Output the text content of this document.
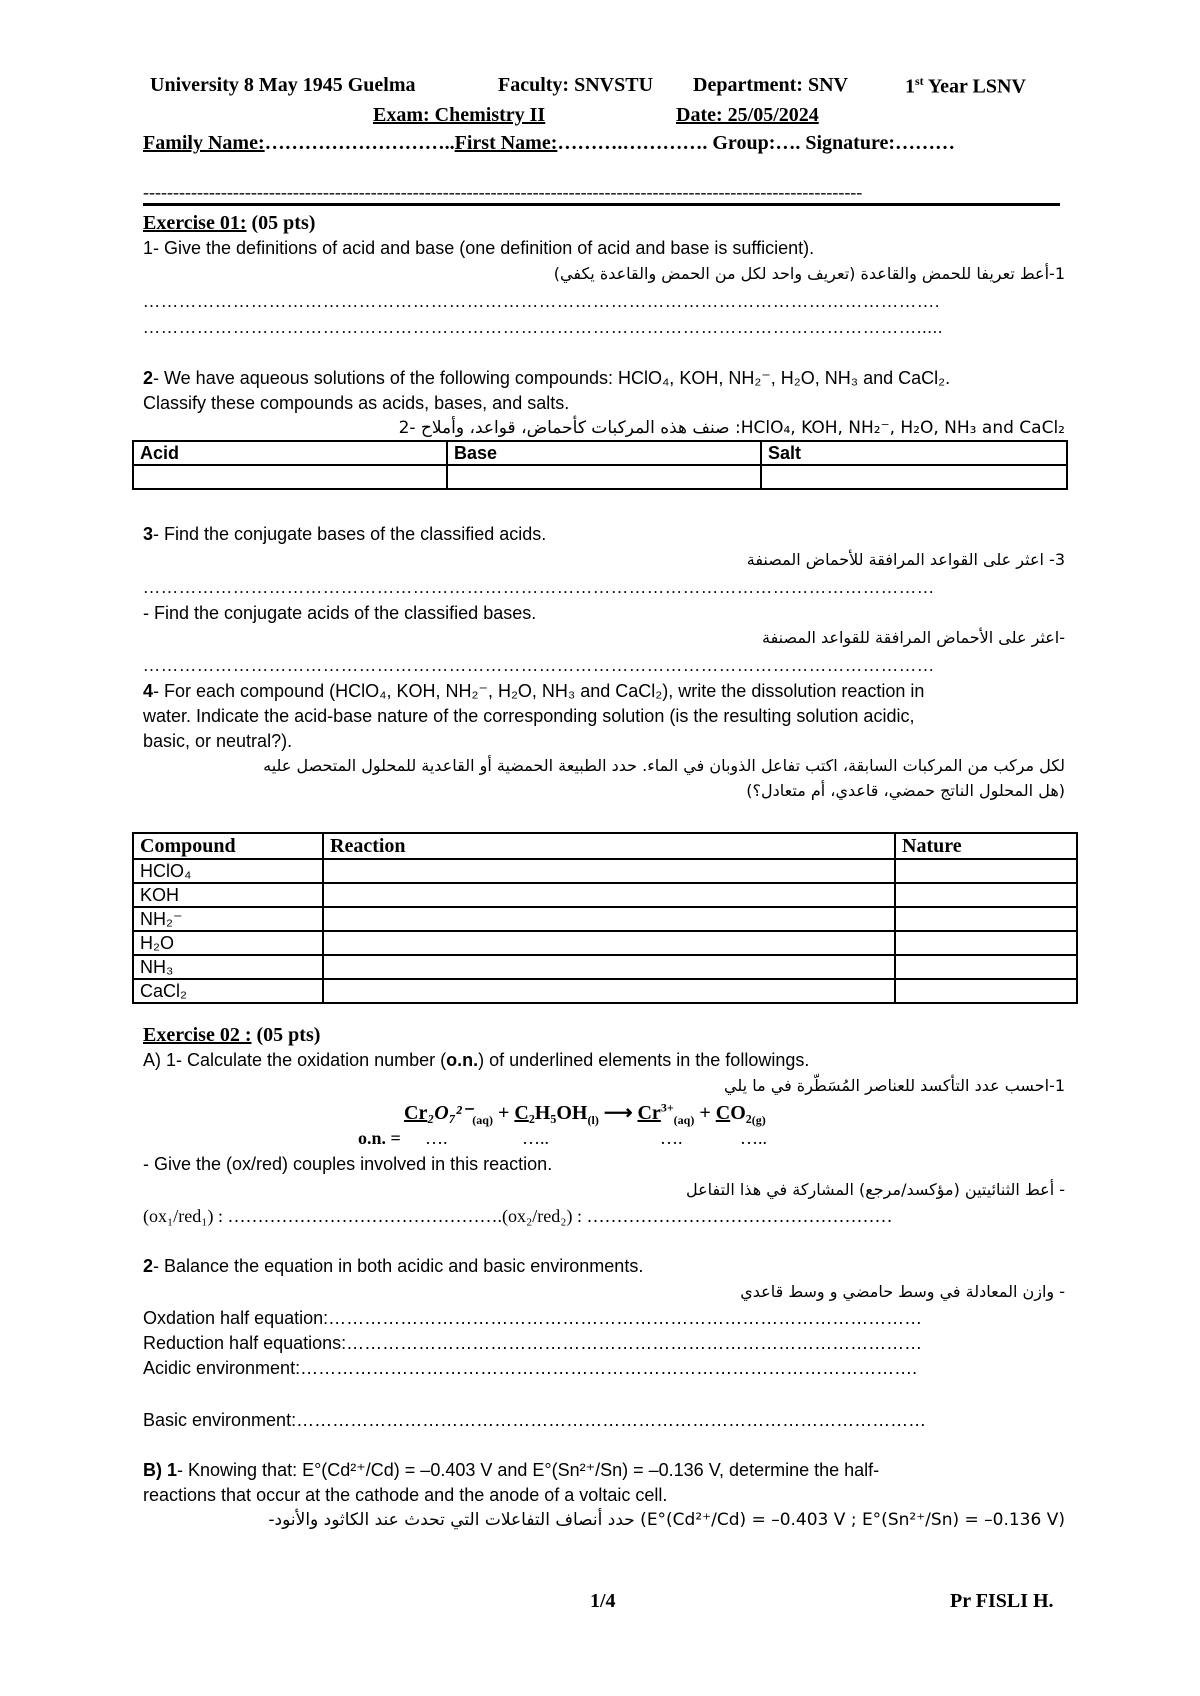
University 8 May 1945 Guelma	Faculty: SNVSTU Department: SNV	1st Year LSNV
Exam: Chemistry II	Date: 25/05/2024
Family Name:………………………..First Name:……….…………. Group:…. Signature:………
------------------------------------------------------------------------------------------------------------------------
Exercise 01: (05 pts)
1- Give the definitions of acid and base (one definition of acid and base is sufficient).
1-أعط تعريفا للحمض والقاعدة (تعريف واحد لكل من الحمض والقاعدة يكفي)
…………………………………………………………………………………………………………………….
………………………………………………………………………………………………………………….....
2- We have aqueous solutions of the following compounds: HClO₄, KOH, NH₂⁻, H₂O, NH₃ and CaCl₂.
Classify these compounds as acids, bases, and salts.
HClO₄, KOH, NH₂⁻, H₂O, NH₃ and CaCl₂: صنف هذه المركبات كأحماض، قواعد، وأملاح -2
Acid	Base	Salt

3- Find the conjugate bases of the classified acids.
3- اعثر على القواعد المرافقة للأحماض المصنفة
……………………………………………………………………………………………………………………
- Find the conjugate acids of the classified bases.
-اعثر على الأحماض المرافقة للقواعد المصنفة
……………………………………………………………………………………………………………………
4- For each compound (HClO₄, KOH, NH₂⁻, H₂O, NH₃ and CaCl₂), write the dissolution reaction in
water. Indicate the acid-base nature of the corresponding solution (is the resulting solution acidic,
basic, or neutral?).
لكل مركب من المركبات السابقة، اكتب تفاعل الذوبان في الماء. حدد الطبيعة الحمضية أو القاعدية للمحلول المتحصل عليه
(هل المحلول الناتج حمضي، قاعدي، أم متعادل؟)
Compound	Reaction	Nature
HClO₄		
KOH		
NH₂⁻		
H₂O		
NH₃		
CaCl₂		
Exercise 02 : (05 pts)
A) 1- Calculate the oxidation number (o.n.) of underlined elements in the followings.
1-احسب عدد التأكسد للعناصر المُسَطّرة في ما يلي
$Cr_2O_7^{2-}_{(aq)} + C_2H_5OH_{(l)}$ ⟶ $Cr^{3+}_{(aq)} + CO_2_{(g)}$
o.n. = ….	…..	….	…..
- Give the (ox/red) couples involved in this reaction.
- أعط الثنائيتين (مؤكسد/مرجع) المشاركة في هذا التفاعل
(ox₁/red₁) : ……………………………………….(ox₂/red₂) : ……………………………………………
2- Balance the equation in both acidic and basic environments.
- وازن المعادلة في وسط حامضي و وسط قاعدي
Oxdation half equation:………………………………………………………………………………………
Reduction half equations:……………………………………………………………………………………
Acidic environment:………………………………………………………………………………………….
Basic environment:……………………………………………………………………………………………
B) 1- Knowing that: E°(Cd²⁺/Cd) = –0.403 V and E°(Sn²⁺/Sn) = –0.136 V, determine the half-
reactions that occur at the cathode and the anode of a voltaic cell.
(E°(Cd²⁺/Cd) = –0.403 V ; E°(Sn²⁺/Sn) = –0.136 V) حدد أنصاف التفاعلات التي تحدث عند الكاثود والأنود-
1/4	Pr FISLI H.
